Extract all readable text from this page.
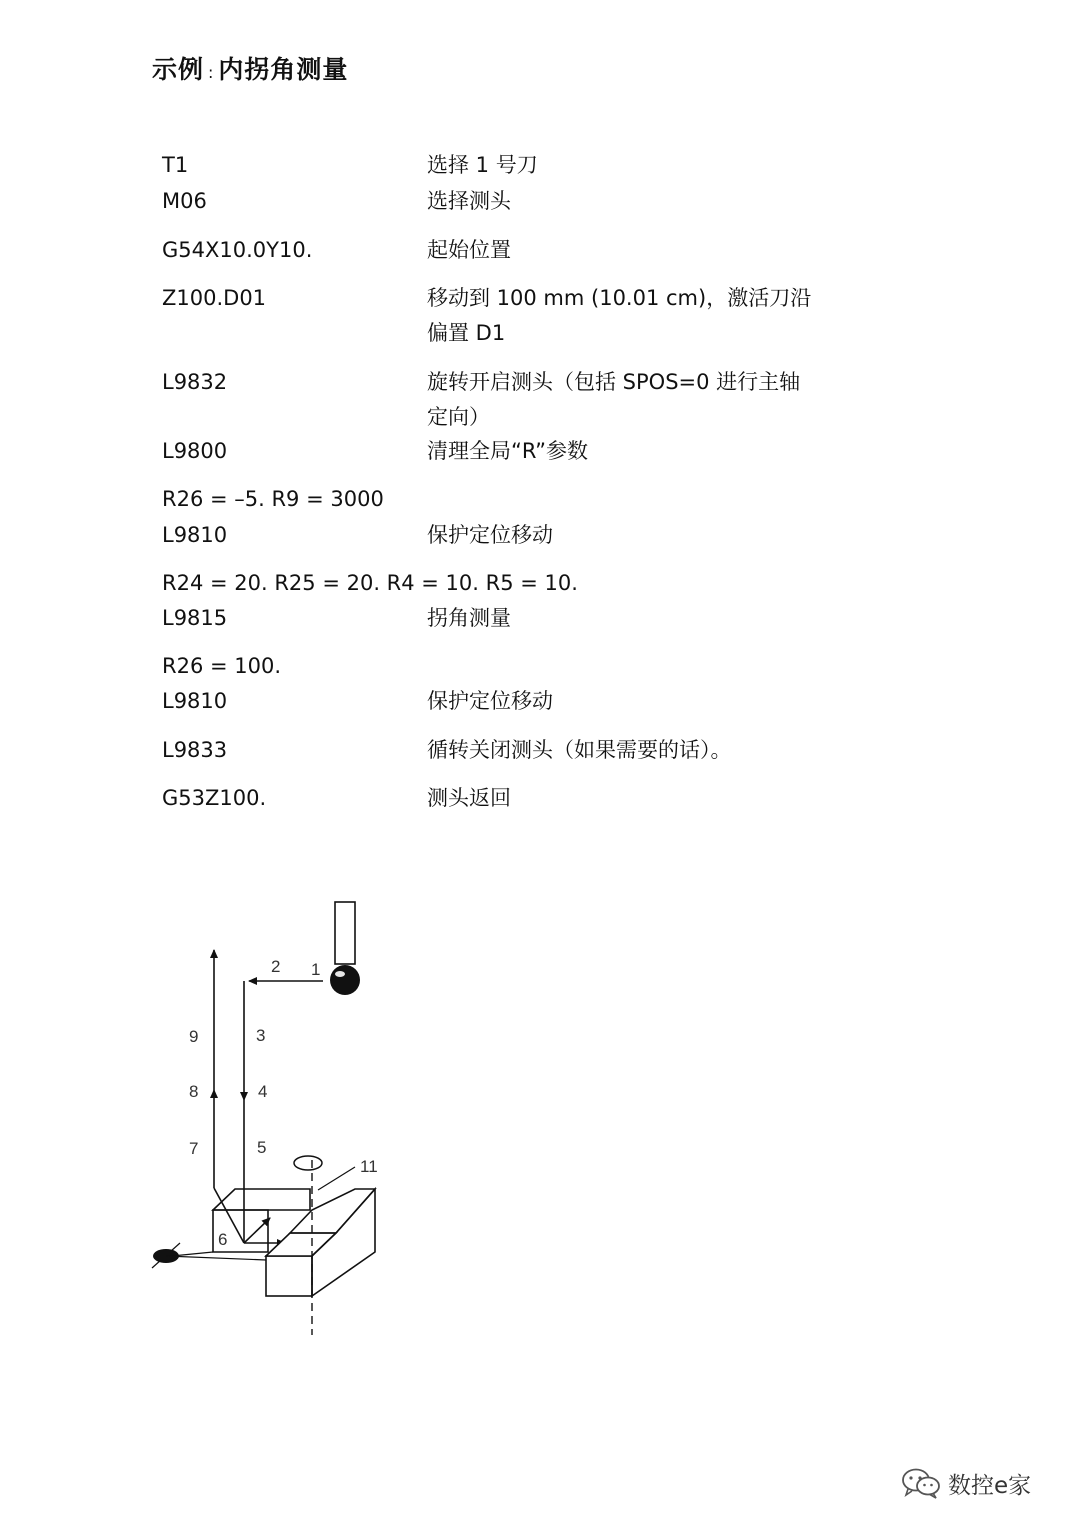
示例 : 内拐角测量
T1	选择 1 号刀
M06	选择测头
G54X10.0Y10.	起始位置
Z100.D01	移动到 100 mm (10.01 cm)，激活刀沿偏置 D1
L9832	旋转开启测头（包括 SPOS=0 进行主轴定向）
L9800	清理全局“R”参数
R26 = –5. R9 = 3000
L9810	保护定位移动
R24 = 20. R25 = 20. R4 = 10. R5 = 10.
L9815	拐角测量
R26 = 100.
L9810	保护定位移动
L9833	循转关闭测头（如果需要的话）。
G53Z100.	测头返回
1
2
3
4
5
6
7
8
9
11
数控e家
